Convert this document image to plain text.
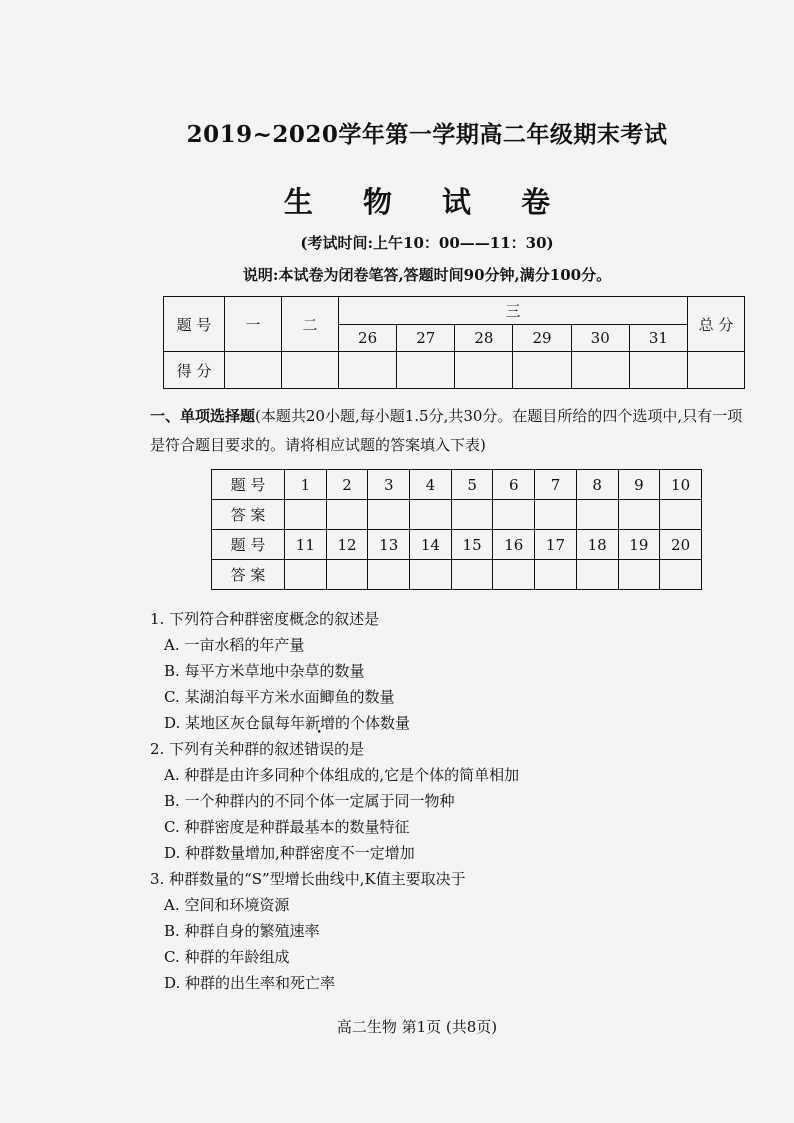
2019~2020学年第一学期高二年级期末考试
生 物 试 卷
(考试时间:上午10：00——11：30)
说明:本试卷为闭卷笔答,答题时间90分钟,满分100分。
题 号	一	二	三						总 分
			26	27	28	29	30	31	
得 分									
一、单项选择题(本题共20小题,每小题1.5分,共30分。在题目所给的四个选项中,只有一项是符合题目要求的。请将相应试题的答案填入下表)
题 号	1	2	3	4	5	6	7	8	9	10
答 案										
题 号	11	12	13	14	15	16	17	18	19	20
答 案										
1. 下列符合种群密度概念的叙述是
A. 一亩水稻的年产量
B. 每平方米草地中杂草的数量
C. 某湖泊每平方米水面鲫鱼的数量
D. 某地区灰仓鼠每年新增的个体数量
2. 下列有关种群的叙述错误的是
A. 种群是由许多同种个体组成的,它是个体的简单相加
B. 一个种群内的不同个体一定属于同一物种
C. 种群密度是种群最基本的数量特征
D. 种群数量增加,种群密度不一定增加
3. 种群数量的“S”型增长曲线中,K值主要取决于
A. 空间和环境资源
B. 种群自身的繁殖速率
C. 种群的年龄组成
D. 种群的出生率和死亡率
高二生物 第1页 (共8页)
